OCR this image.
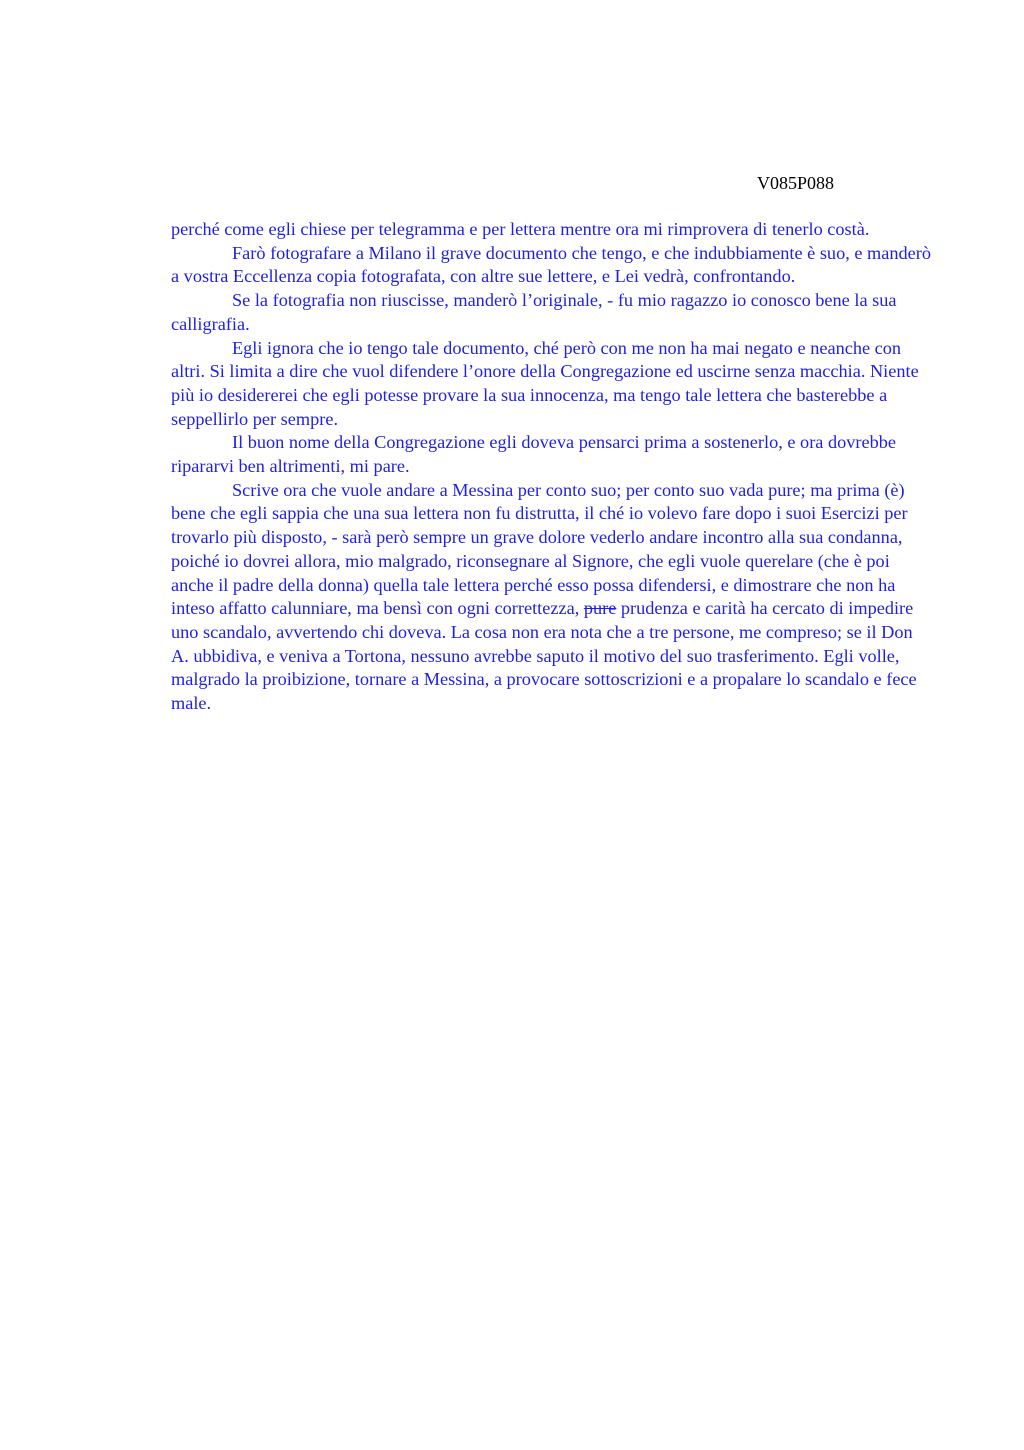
V085P088

perché come egli chiese per telegramma e per lettera mentre ora mi rimprovera di tenerlo costà.

Farò fotografare a Milano il grave documento che tengo, e che indubbiamente è suo, e manderò a vostra Eccellenza copia fotografata, con altre sue lettere, e Lei vedrà, confrontando.

Se la fotografia non riuscisse, manderò l’originale, - fu mio ragazzo io conosco bene la sua calligrafia.

Egli ignora che io tengo tale documento, ché però con me non ha mai negato e neanche con altri. Si limita a dire che vuol difendere l’onore della Congregazione ed uscirne senza macchia. Niente più io desidererei che egli potesse provare la sua innocenza, ma tengo tale lettera che basterebbe a seppellirlo per sempre.

Il buon nome della Congregazione egli doveva pensarci prima a sostenerlo, e ora dovrebbe ripararvi ben altrimenti, mi pare.

Scrive ora che vuole andare a Messina per conto suo; per conto suo vada pure; ma prima (è) bene che egli sappia che una sua lettera non fu distrutta, il ché io volevo fare dopo i suoi Esercizi per trovarlo più disposto, - sarà però sempre un grave dolore vederlo andare incontro alla sua condanna, poiché io dovrei allora, mio malgrado, riconsegnare al Signore, che egli vuole querelare (che è poi anche il padre della donna) quella tale lettera perché esso possa difendersi, e dimostrare che non ha inteso affatto calunniare, ma bensì con ogni correttezza, pure prudenza e carità ha cercato di impedire uno scandalo, avvertendo chi doveva. La cosa non era nota che a tre persone, me compreso; se il Don A. ubbidiva, e veniva a Tortona, nessuno avrebbe saputo il motivo del suo trasferimento. Egli volle, malgrado la proibizione, tornare a Messina, a provocare sottoscrizioni e a propalare lo scandalo e fece male.
